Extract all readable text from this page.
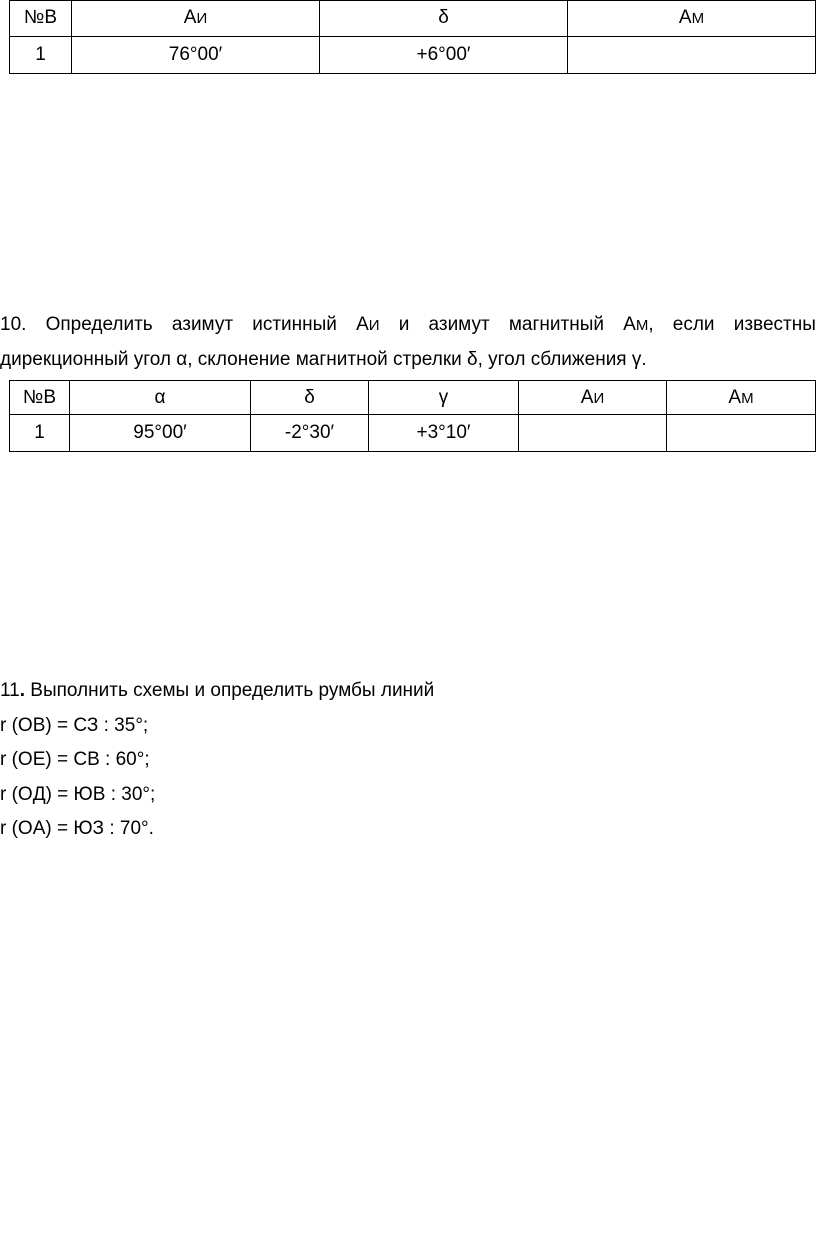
№В	АИ	δ	АМ
1	76°00′	+6°00′	
10. Определить азимут истинный АИ и азимут магнитный АМ, если известны
дирекционный угол α, склонение магнитной стрелки δ, угол сближения γ.
№В	α	δ	γ	АИ	АМ
1	95°00′	-2°30′	+3°10′		
11. Выполнить схемы и определить румбы линий
r (OB) = СЗ : 35°;
r (OE) = СВ : 60°;
r (OД) = ЮВ : 30°;
r (OA) = ЮЗ : 70°.
